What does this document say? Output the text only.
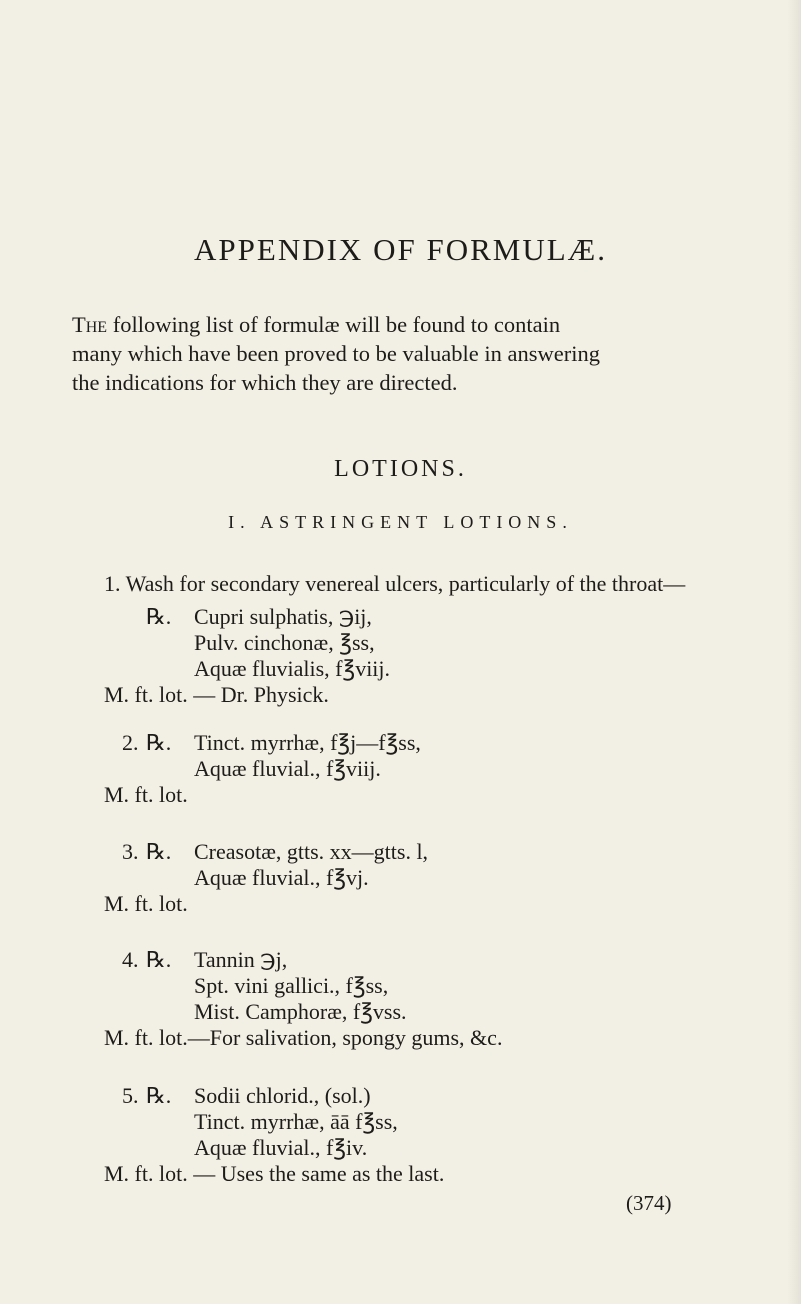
APPENDIX OF FORMULÆ.
The following list of formulæ will be found to contain
many which have been proved to be valuable in answering
the indications for which they are directed.
LOTIONS.
I. ASTRINGENT LOTIONS.
1. Wash for secondary venereal ulcers, particularly of the throat—
℞. Cupri sulphatis, ℈ij,
Pulv. cinchonæ, ℥ss,
Aquæ fluvialis, f℥viij.
M. ft. lot. — Dr. Physick.
2. ℞. Tinct. myrrhæ, f℥j—f℥ss,
Aquæ fluvial., f℥viij.
M. ft. lot.
3. ℞. Creasotæ, gtts. xx—gtts. l,
Aquæ fluvial., f℥vj.
M. ft. lot.
4. ℞. Tannin ℈j,
Spt. vini gallici., f℥ss,
Mist. Camphoræ, f℥vss.
M. ft. lot.—For salivation, spongy gums, &c.
5. ℞. Sodii chlorid., (sol.)
Tinct. myrrhæ, āā f℥ss,
Aquæ fluvial., f℥iv.
M. ft. lot. — Uses the same as the last.
(374)
